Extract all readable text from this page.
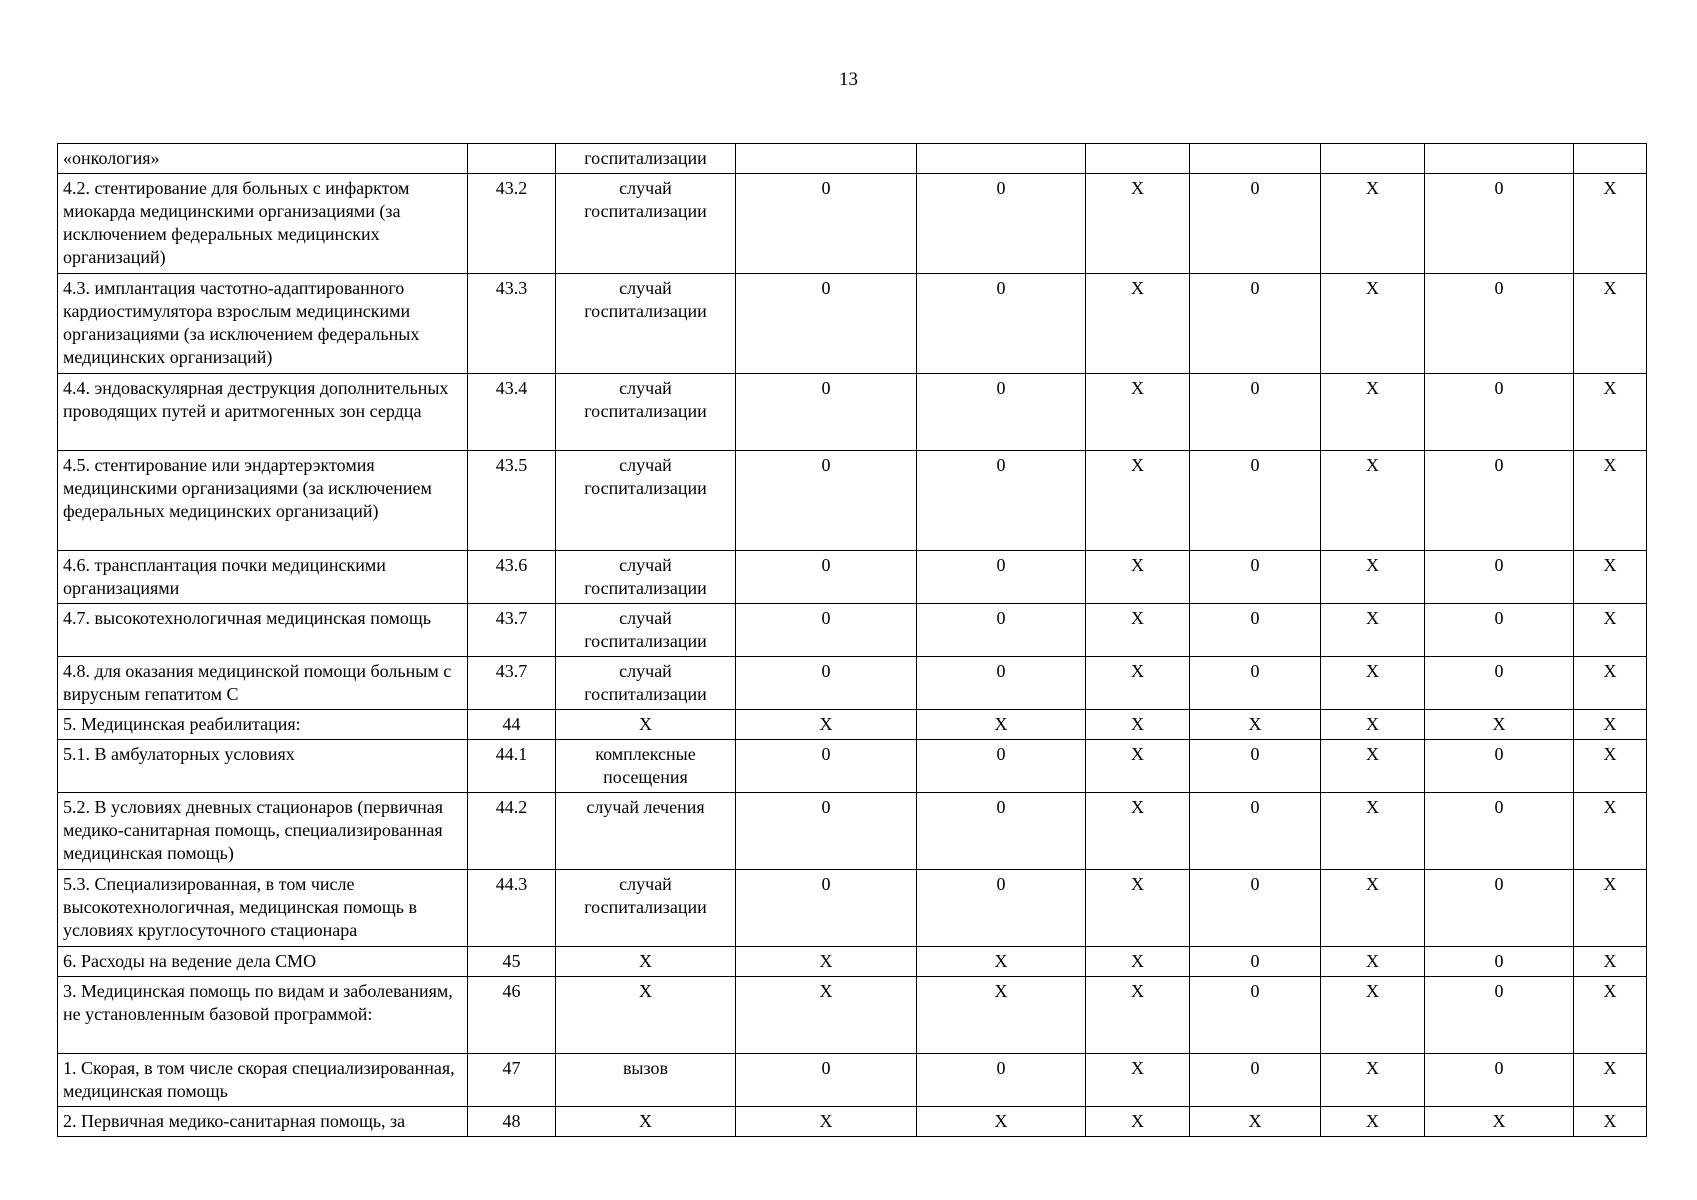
13
«онкология»		госпитализации							
4.2. стентирование для больных с инфарктом миокарда медицинскими организациями (за исключением федеральных медицинских организаций)	43.2	случай госпитализации	0	0	X	0	X	0	X
4.3. имплантация частотно-адаптированного кардиостимулятора взрослым медицинскими организациями (за исключением федеральных медицинских организаций)	43.3	случай госпитализации	0	0	X	0	X	0	X
4.4. эндоваскулярная деструкция дополнительных проводящих путей и аритмогенных зон сердца	43.4	случай госпитализации	0	0	X	0	X	0	X
4.5. стентирование или эндартерэктомия медицинскими организациями (за исключением федеральных медицинских организаций)	43.5	случай госпитализации	0	0	X	0	X	0	X
4.6. трансплантация почки медицинскими организациями	43.6	случай госпитализации	0	0	X	0	X	0	X
4.7. высокотехнологичная медицинская помощь	43.7	случай госпитализации	0	0	X	0	X	0	X
4.8. для оказания медицинской помощи больным с вирусным гепатитом С	43.7	случай госпитализации	0	0	X	0	X	0	X
5. Медицинская реабилитация:	44	X	X	X	X	X	X	X	X
5.1. В амбулаторных условиях	44.1	комплексные посещения	0	0	X	0	X	0	X
5.2. В условиях дневных стационаров (первичная медико-санитарная помощь, специализированная медицинская помощь)	44.2	случай лечения	0	0	X	0	X	0	X
5.3. Специализированная, в том числе высокотехнологичная, медицинская помощь в условиях круглосуточного стационара	44.3	случай госпитализации	0	0	X	0	X	0	X
6. Расходы на ведение дела СМО	45	X	X	X	X	0	X	0	X
3. Медицинская помощь по видам и заболеваниям, не установленным базовой программой:	46	X	X	X	X	0	X	0	X
1. Скорая, в том числе скорая специализированная, медицинская помощь	47	вызов	0	0	X	0	X	0	X
2. Первичная медико-санитарная помощь, за	48	X	X	X	X	X	X	X	X
